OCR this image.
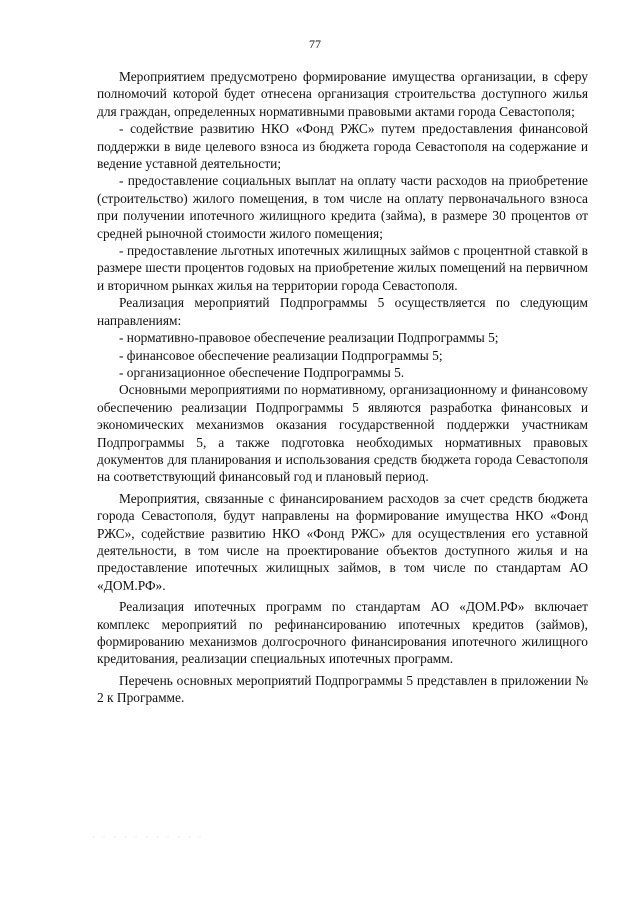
77

Мероприятием предусмотрено формирование имущества организации, в сферу полномочий которой будет отнесена организация строительства доступного жилья для граждан, определенных нормативными правовыми актами города Севастополя;

- содействие развитию НКО «Фонд РЖС» путем предоставления финансовой поддержки в виде целевого взноса из бюджета города Севастополя на содержание и ведение уставной деятельности;

- предоставление социальных выплат на оплату части расходов на приобретение (строительство) жилого помещения, в том числе на оплату первоначального взноса при получении ипотечного жилищного кредита (займа), в размере 30 процентов от средней рыночной стоимости жилого помещения;

- предоставление льготных ипотечных жилищных займов с процентной ставкой в размере шести процентов годовых на приобретение жилых помещений на первичном и вторичном рынках жилья на территории города Севастополя.

Реализация мероприятий Подпрограммы 5 осуществляется по следующим направлениям:

- нормативно-правовое обеспечение реализации Подпрограммы 5;

- финансовое обеспечение реализации Подпрограммы 5;

- организационное обеспечение Подпрограммы 5.

Основными мероприятиями по нормативному, организационному и финансовому обеспечению реализации Подпрограммы 5 являются разработка финансовых и экономических механизмов оказания государственной поддержки участникам Подпрограммы 5, а также подготовка необходимых нормативных правовых документов для планирования и использования средств бюджета города Севастополя на соответствующий финансовый год и плановый период.

Мероприятия, связанные с финансированием расходов за счет средств бюджета города Севастополя, будут направлены на формирование имущества НКО «Фонд РЖС», содействие развитию НКО «Фонд РЖС» для осуществления его уставной деятельности, в том числе на проектирование объектов доступного жилья и на предоставление ипотечных жилищных займов, в том числе по стандартам АО «ДОМ.РФ».

Реализация ипотечных программ по стандартам АО «ДОМ.РФ» включает комплекс мероприятий по рефинансированию ипотечных кредитов (займов), формированию механизмов долгосрочного финансирования ипотечного жилищного кредитования, реализации специальных ипотечных программ.

Перечень основных мероприятий Подпрограммы 5 представлен в приложении № 2 к Программе.

· · · · · · · · · · ·
